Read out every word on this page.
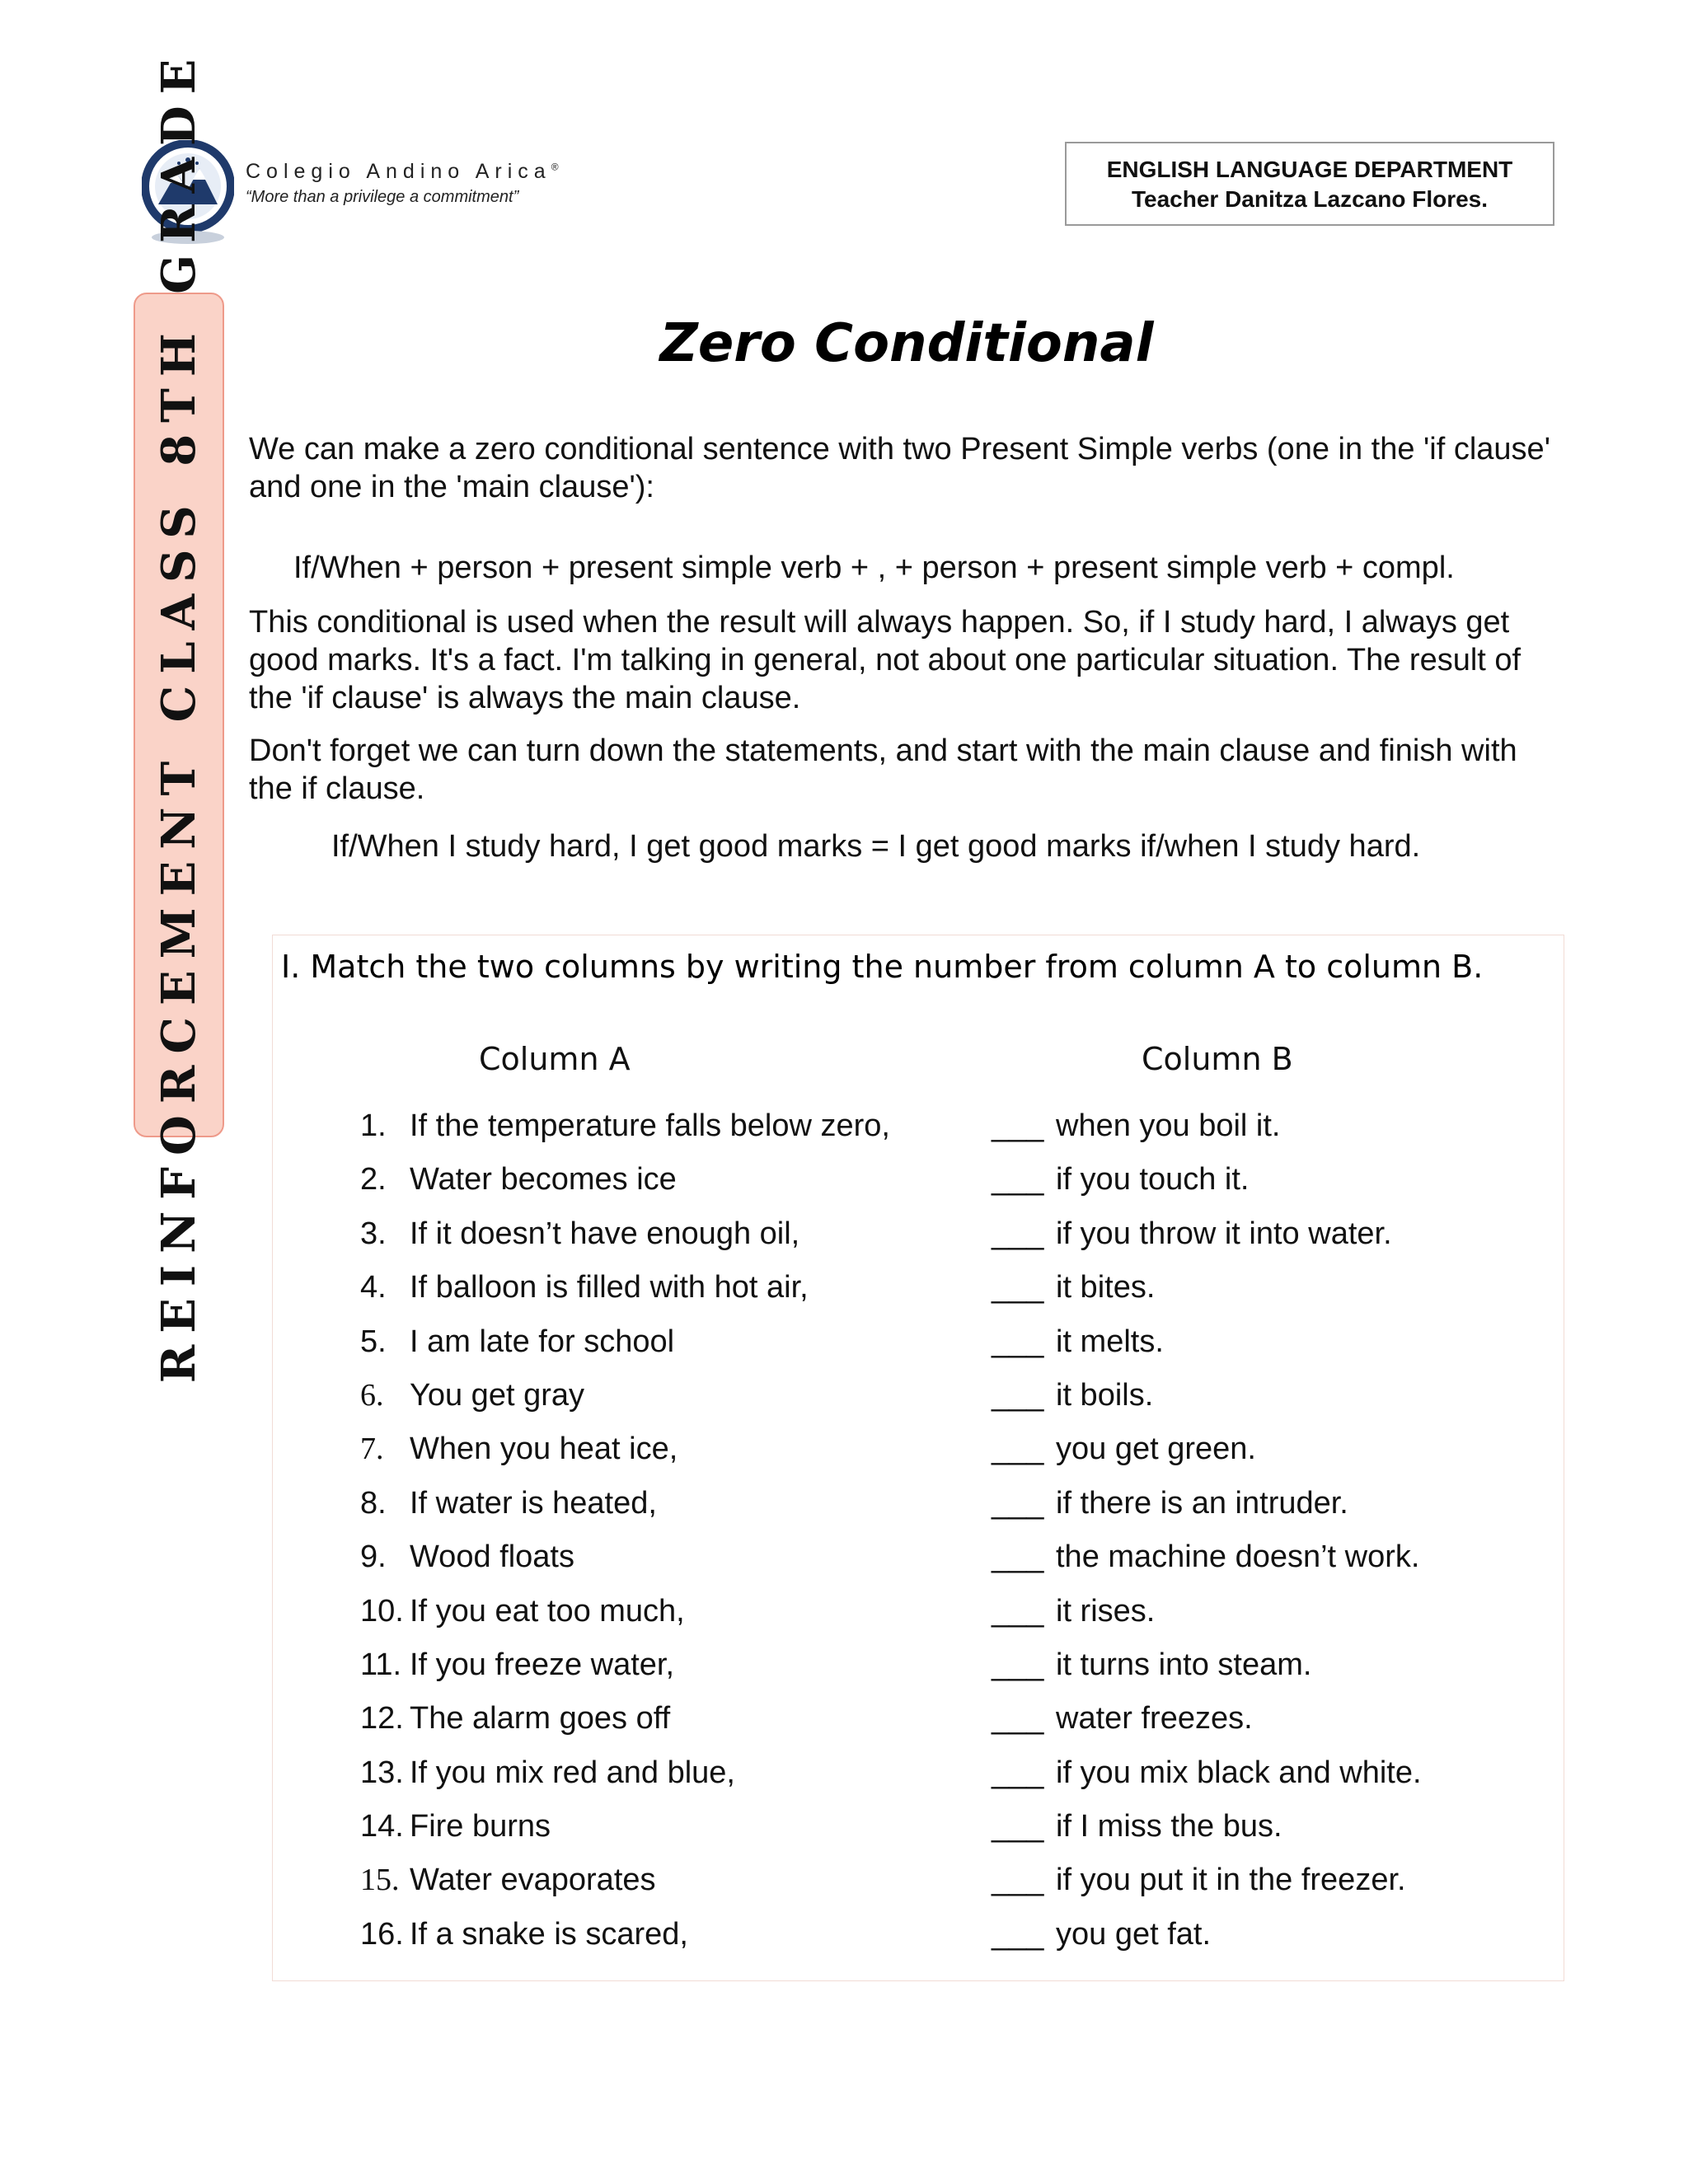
Colegio Andino Arica®
“More than a privilege a commitment”
ENGLISH LANGUAGE DEPARTMENT
Teacher Danitza Lazcano Flores.
REINFORCEMENT CLASS 8TH GRADE	Zero Conditional
We can make a zero conditional sentence with two Present Simple verbs (one in the 'if clause' and one in the 'main clause'):
If/When + person + present simple verb + , + person + present simple verb + compl.
This conditional is used when the result will always happen. So, if I study hard, I always get good marks. It's a fact. I'm talking in general, not about one particular situation. The result of the 'if clause' is always the main clause.
Don't forget we can turn down the statements, and start with the main clause and finish with the if clause.
If/When I study hard, I get good marks = I get good marks if/when I study hard.
I. Match the two columns by writing the number from column A to column B.
Column A	Column B
1. If the temperature falls below zero,	___ when you boil it.
2. Water becomes ice	___ if you touch it.
3. If it doesn’t have enough oil,	___ if you throw it into water.
4. If balloon is filled with hot air,	___ it bites.
5. I am late for school	___ it melts.
6. You get gray	___ it boils.
7. When you heat ice,	___ you get green.
8. If water is heated,	___ if there is an intruder.
9. Wood floats	___ the machine doesn’t work.
10. If you eat too much,	___ it rises.
11. If you freeze water,	___ it turns into steam.
12. The alarm goes off	___ water freezes.
13. If you mix red and blue,	___ if you mix black and white.
14. Fire burns	___ if I miss the bus.
15. Water evaporates	___ if you put it in the freezer.
16. If a snake is scared,	___ you get fat.
